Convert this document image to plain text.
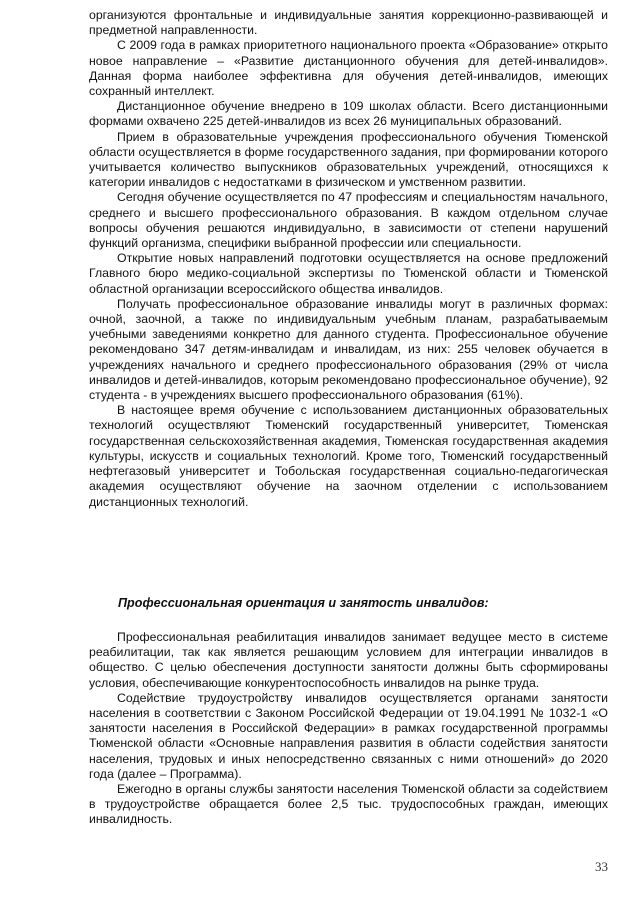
организуются фронтальные и индивидуальные занятия коррекционно-развивающей и предметной направленности.

С 2009 года в рамках приоритетного национального проекта «Образование» открыто новое направление – «Развитие дистанционного обучения для детей-инвалидов». Данная форма наиболее эффективна для обучения детей-инвалидов, имеющих сохранный интеллект.

Дистанционное обучение внедрено в 109 школах области. Всего дистанционными формами охвачено 225 детей-инвалидов из всех 26 муниципальных образований.

Прием в образовательные учреждения профессионального обучения Тюменской области осуществляется в форме государственного задания, при формировании которого учитывается количество выпускников образовательных учреждений, относящихся к категории инвалидов с недостатками в физическом и умственном развитии.

Сегодня обучение осуществляется по 47 профессиям и специальностям начального, среднего и высшего профессионального образования. В каждом отдельном случае вопросы обучения решаются индивидуально, в зависимости от степени нарушений функций организма, специфики выбранной профессии или специальности.

Открытие новых направлений подготовки осуществляется на основе предложений Главного бюро медико-социальной экспертизы по Тюменской области и Тюменской областной организации всероссийского общества инвалидов.

Получать профессиональное образование инвалиды могут в различных формах: очной, заочной, а также по индивидуальным учебным планам, разрабатываемым учебными заведениями конкретно для данного студента. Профессиональное обучение рекомендовано 347 детям-инвалидам и инвалидам, из них: 255 человек обучается в учреждениях начального и среднего профессионального образования (29% от числа инвалидов и детей-инвалидов, которым рекомендовано профессиональное обучение), 92 студента - в учреждениях высшего профессионального образования (61%).

В настоящее время обучение с использованием дистанционных образовательных технологий осуществляют Тюменский государственный университет, Тюменская государственная сельскохозяйственная академия, Тюменская государственная академия культуры, искусств и социальных технологий. Кроме того, Тюменский государственный нефтегазовый университет и Тобольская государственная социально-педагогическая академия осуществляют обучение на заочном отделении с использованием дистанционных технологий.

Профессиональная ориентация и занятость инвалидов:

Профессиональная реабилитация инвалидов занимает ведущее место в системе реабилитации, так как является решающим условием для интеграции инвалидов в общество. С целью обеспечения доступности занятости должны быть сформированы условия, обеспечивающие конкурентоспособность инвалидов на рынке труда.

Содействие трудоустройству инвалидов осуществляется органами занятости населения в соответствии с Законом Российской Федерации от 19.04.1991 № 1032-1 «О занятости населения в Российской Федерации» в рамках государственной программы Тюменской области «Основные направления развития в области содействия занятости населения, трудовых и иных непосредственно связанных с ними отношений» до 2020 года (далее – Программа).

Ежегодно в органы службы занятости населения Тюменской области за содействием в трудоустройстве обращается более 2,5 тыс. трудоспособных граждан, имеющих инвалидность.

33
